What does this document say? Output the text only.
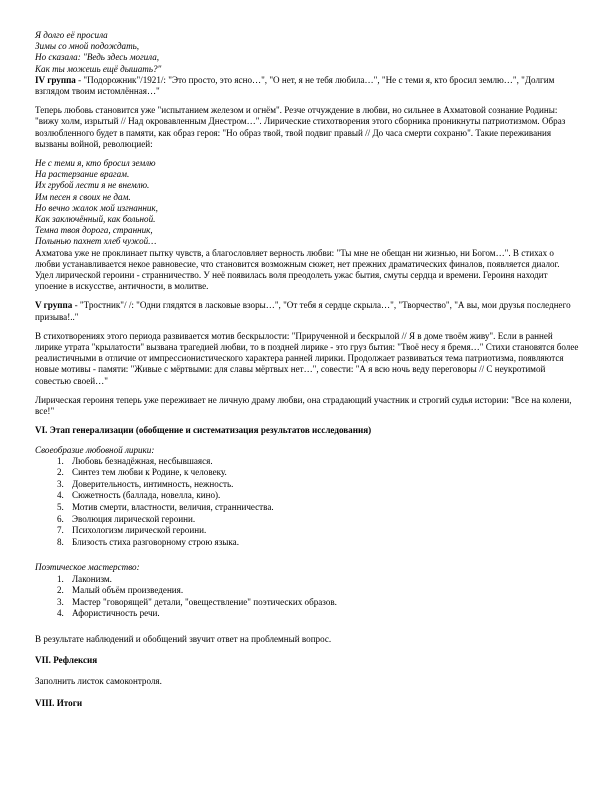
Я долго её просила
Зимы со мной подождать,
Но сказала: "Ведь здесь могила,
Как ты можешь ещё дышать?"

IV группа - "Подорожник"/1921/: "Это просто, это ясно…", "О нет, я не тебя любила…", "Не с теми я, кто бросил землю…", "Долгим взглядом твоим истомлённая…"

Теперь любовь становится уже "испытанием железом и огнём". Резче отчуждение в любви, но сильнее в Ахматовой сознание Родины: "вижу холм, изрытый // Над окровавленным Днестром…". Лирические стихотворения этого сборника проникнуты патриотизмом. Образ возлюбленного будет в памяти, как образ героя: "Но образ твой, твой подвиг правый // До часа смерти сохраню". Такие переживания вызваны войной, революцией:

Не с теми я, кто бросил землю
На растерзание врагам.
Их грубой лести я не внемлю.
Им песен я своих не дам.
Но вечно жалок мой изгнанник,
Как заключённый, как больной.
Темна твоя дорога, странник,
Полынью пахнет хлеб чужой…

Ахматова уже не проклинает пытку чувств, а благословляет верность любви: "Ты мне не обещан ни жизнью, ни Богом…". В стихах о любви устанавливается некое равновесие, что становится возможным сюжет, нет прежних драматических финалов, появляется диалог. Удел лирической героини - странничество. У неё появилась воля преодолеть ужас бытия, смуты сердца и времени. Героиня находит упоение в искусстве, античности, в молитве.

V группа - "Тростник"/ /: "Одни глядятся в ласковые взоры…", "От тебя я сердце скрыла…", "Творчество", "А вы, мои друзья последнего призыва!.."

В стихотворениях этого периода развивается мотив бескрылости: "Прирученной и бескрылой // Я в доме твоём живу". Если в ранней лирике утрата "крылатости" вызвана трагедией любви, то в поздней лирике - это груз бытия: "Твоё несу я бремя…" Стихи становятся более реалистичными в отличие от импрессионистического характера ранней лирики. Продолжает развиваться тема патриотизма, появляются новые мотивы - памяти: "Живые с мёртвыми: для славы мёртвых нет…", совести: "А я всю ночь веду переговоры // С неукротимой совестью своей…"

Лирическая героиня теперь уже переживает не личную драму любви, она страдающий участник и строгий судья истории: "Все на колени, все!"

VI. Этап генерализации (обобщение и систематизация результатов исследования)

Своеобразие любовной лирики:
1. Любовь безнадёжная, несбывшаяся.
2. Синтез тем любви к Родине, к человеку.
3. Доверительность, интимность, нежность.
4. Сюжетность (баллада, новелла, кино).
5. Мотив смерти, властности, величия, странничества.
6. Эволюция лирической героини.
7. Психологизм лирической героини.
8. Близость стиха разговорному строю языка.
Поэтическое мастерство:
1. Лаконизм.
2. Малый объём произведения.
3. Мастер "говорящей" детали, "овеществление" поэтических образов.
4. Афористичность речи.

В результате наблюдений и обобщений звучит ответ на проблемный вопрос.

VII. Рефлексия

Заполнить листок самоконтроля.

VIII. Итоги
